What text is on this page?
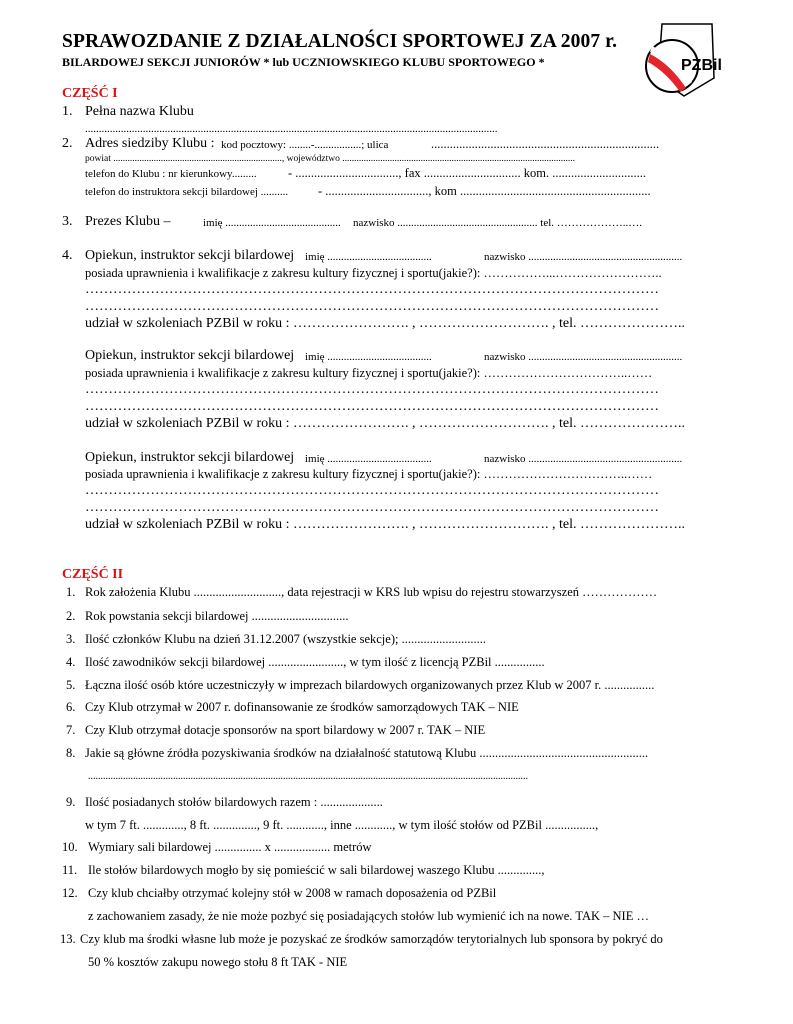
SPRAWOZDANIE Z DZIAŁALNOŚCI SPORTOWEJ ZA 2007 r.
BILARDOWEJ SEKCJI JUNIORÓW * lub UCZNIOWSKIEGO KLUBU SPORTOWEGO *	PZBil
CZĘŚĆ I
1. Pełna nazwa Klubu
......................................................................................................................................................
2. Adres siedziby Klubu : kod pocztowy: ........-.................; ulica	.........................................................................
powiat ......................................................................., województwo ..................................................................................................
telefon do Klubu : nr kierunkowy.........	- ................................., fax ............................... kom. ..............................
telefon do instruktora sekcji bilardowej .......... - ................................., kom .............................................................
3. Prezes Klubu –	imię .......................................... nazwisko ................................................... tel. ………………..….
4. Opiekun, instruktor sekcji bilardowej imię ......................................	nazwisko ........................................................
posiada uprawnienia i kwalifikacje z zakresu kultury fizycznej i sportu(jakie?): ……………...……………………..
……………………………………………………………………………………………………………
……………………………………………………………………………………………………………
udział w szkoleniach PZBil w roku : ……………………. , ………………………. , tel. …………………..
Opiekun, instruktor sekcji bilardowej imię ......................................	nazwisko ........................................................
posiada uprawnienia i kwalifikacje z zakresu kultury fizycznej i sportu(jakie?): ……………………………..……
……………………………………………………………………………………………………………
……………………………………………………………………………………………………………
udział w szkoleniach PZBil w roku : ……………………. , ………………………. , tel. …………………..
Opiekun, instruktor sekcji bilardowej imię ......................................	nazwisko ........................................................
posiada uprawnienia i kwalifikacje z zakresu kultury fizycznej i sportu(jakie?): ……………………………..……
……………………………………………………………………………………………………………
……………………………………………………………………………………………………………
udział w szkoleniach PZBil w roku : ……………………. , ………………………. , tel. …………………..
CZĘŚĆ II
1. Rok założenia Klubu ............................, data rejestracji w KRS lub wpisu do rejestru stowarzyszeń ………………
2. Rok powstania sekcji bilardowej ...............................
3. Ilość członków Klubu na dzień 31.12.2007 (wszystkie sekcje); ...........................
4. Ilość zawodników sekcji bilardowej ........................, w tym ilość z licencją PZBil ................
5. Łączna ilość osób które uczestniczyły w imprezach bilardowych organizowanych przez Klub w 2007 r. ................
6. Czy Klub otrzymał w 2007 r. dofinansowanie ze środków samorządowych TAK – NIE
7. Czy Klub otrzymał dotacje sponsorów na sport bilardowy w 2007 r. TAK – NIE
8. Jakie są główne źródła pozyskiwania środków na działalność statutową Klubu ......................................................
................................................................................................................................................................................
9. Ilość posiadanych stołów bilardowych razem : ....................
w tym 7 ft. ............., 8 ft. .............., 9 ft. ............, inne ............, w tym ilość stołów od PZBil ................,
10. Wymiary sali bilardowej ............... x .................. metrów
11. Ile stołów bilardowych mogło by się pomieścić w sali bilardowej waszego Klubu ..............,
12. Czy klub chciałby otrzymać kolejny stół w 2008 w ramach doposażenia od PZBil
z zachowaniem zasady, że nie może pozbyć się posiadających stołów lub wymienić ich na nowe. TAK – NIE …
13. Czy klub ma środki własne lub może je pozyskać ze środków samorządów terytorialnych lub sponsora by pokryć do
50 % kosztów zakupu nowego stołu 8 ft TAK - NIE
